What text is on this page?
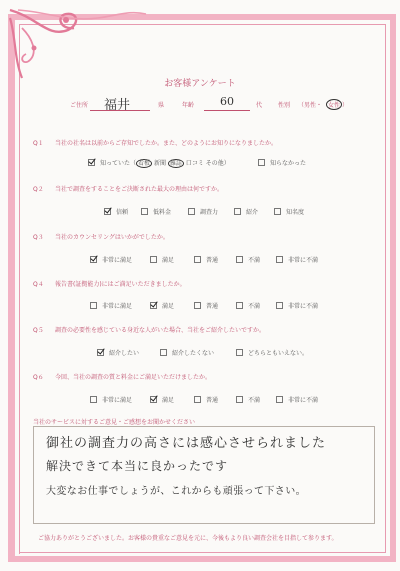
お客様アンケート
ご住所 福井	県	年齢 60	代	性別 （男性・ 女性 ）
Q１ 当社の社名は以前からご存知でしたか。また、どのようにお知りになりましたか。
知っていた（ 看板 新聞 雑誌 口コミ その他）	知らなかった
Q２ 当社で調査をすることをご決断された最大の理由は何ですか。
信頼	低料金	調査力	紹介	知名度
Q３ 当社のカウンセリングはいかがでしたか。
非常に満足	満足	普通	不満	非常に不満
Q４ 報告書(証拠能力)にはご満足いただきましたか。
非常に満足	満足	普通	不満	非常に不満
Q５ 調査の必要性を感じている身近な人がいた場合、当社をご紹介したいですか。
紹介したい	紹介したくない	どちらともいえない。
Q６ 今回、当社の調査の質と料金にご満足いただけましたか。
非常に満足	満足	普通	不満	非常に不満
当社のサービスに対するご意見・ご感想をお聞かせください
御社の調査力の高さには感心させられました
解決できて本当に良かったです
大変なお仕事でしょうが、これからも頑張って下さい。
ご協力ありがとうございました。お客様の貴重なご意見を元に、今後もより良い調査会社を目指して参ります。
